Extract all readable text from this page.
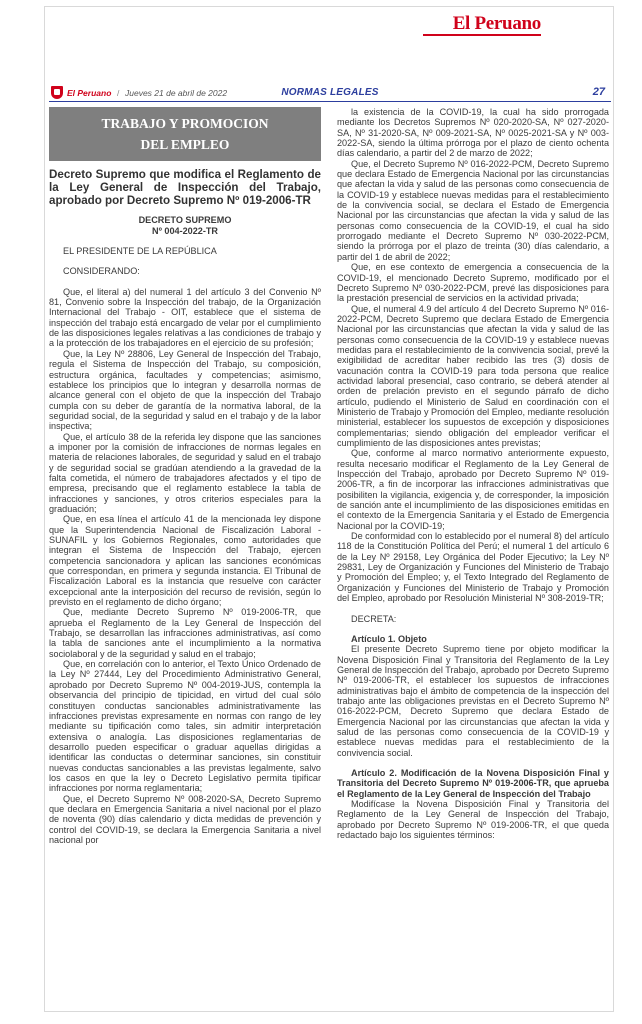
El Peruano
El Peruano / Jueves 21 de abril de 2022	NORMAS LEGALES	27
TRABAJO Y PROMOCION
DEL EMPLEO
Decreto Supremo que modifica el Reglamento de la Ley General de Inspección del Trabajo, aprobado por Decreto Supremo Nº 019-2006-TR

DECRETO SUPREMO

Nº 004-2022-TR

EL PRESIDENTE DE LA REPÚBLICA

CONSIDERANDO:

Que, el literal a) del numeral 1 del artículo 3 del Convenio Nº 81, Convenio sobre la Inspección del trabajo, de la Organización Internacional del Trabajo - OIT, establece que el sistema de inspección del trabajo está encargado de velar por el cumplimiento de las disposiciones legales relativas a las condiciones de trabajo y a la protección de los trabajadores en el ejercicio de su profesión;

Que, la Ley Nº 28806, Ley General de Inspección del Trabajo, regula el Sistema de Inspección del Trabajo, su composición, estructura orgánica, facultades y competencias; asimismo, establece los principios que lo integran y desarrolla normas de alcance general con el objeto de que la inspección del Trabajo cumpla con su deber de garantía de la normativa laboral, de la seguridad social, de la seguridad y salud en el trabajo y de la labor inspectiva;

Que, el artículo 38 de la referida ley dispone que las sanciones a imponer por la comisión de infracciones de normas legales en materia de relaciones laborales, de seguridad y salud en el trabajo y de seguridad social se gradúan atendiendo a la gravedad de la falta cometida, el número de trabajadores afectados y el tipo de empresa, precisando que el reglamento establece la tabla de infracciones y sanciones, y otros criterios especiales para la graduación;

Que, en esa línea el artículo 41 de la mencionada ley dispone que la Superintendencia Nacional de Fiscalización Laboral - SUNAFIL y los Gobiernos Regionales, como autoridades que integran el Sistema de Inspección del Trabajo, ejercen competencia sancionadora y aplican las sanciones económicas que correspondan, en primera y segunda instancia. El Tribunal de Fiscalización Laboral es la instancia que resuelve con carácter excepcional ante la interposición del recurso de revisión, según lo previsto en el reglamento de dicho órgano;

Que, mediante Decreto Supremo Nº 019-2006-TR, que aprueba el Reglamento de la Ley General de Inspección del Trabajo, se desarrollan las infracciones administrativas, así como la tabla de sanciones ante el incumplimiento a la normativa sociolaboral y de la seguridad y salud en el trabajo;

Que, en correlación con lo anterior, el Texto Único Ordenado de la Ley Nº 27444, Ley del Procedimiento Administrativo General, aprobado por Decreto Supremo Nº 004-2019-JUS, contempla la observancia del principio de tipicidad, en virtud del cual sólo constituyen conductas sancionables administrativamente las infracciones previstas expresamente en normas con rango de ley mediante su tipificación como tales, sin admitir interpretación extensiva o analogía. Las disposiciones reglamentarias de desarrollo pueden especificar o graduar aquellas dirigidas a identificar las conductas o determinar sanciones, sin constituir nuevas conductas sancionables a las previstas legalmente, salvo los casos en que la ley o Decreto Legislativo permita tipificar infracciones por norma reglamentaria;

Que, el Decreto Supremo Nº 008-2020-SA, Decreto Supremo que declara en Emergencia Sanitaria a nivel nacional por el plazo de noventa (90) días calendario y dicta medidas de prevención y control del COVID-19, se declara la Emergencia Sanitaria a nivel nacional por

la existencia de la COVID-19, la cual ha sido prorrogada mediante los Decretos Supremos Nº 020-2020-SA, Nº 027-2020-SA, Nº 31-2020-SA, Nº 009-2021-SA, Nº 0025-2021-SA y Nº 003-2022-SA, siendo la última prórroga por el plazo de ciento ochenta días calendario, a partir del 2 de marzo de 2022;

Que, el Decreto Supremo Nº 016-2022-PCM, Decreto Supremo que declara Estado de Emergencia Nacional por las circunstancias que afectan la vida y salud de las personas como consecuencia de la COVID-19 y establece nuevas medidas para el restablecimiento de la convivencia social, se declara el Estado de Emergencia Nacional por las circunstancias que afectan la vida y salud de las personas como consecuencia de la COVID-19, el cual ha sido prorrogado mediante el Decreto Supremo Nº 030-2022-PCM, siendo la prórroga por el plazo de treinta (30) días calendario, a partir del 1 de abril de 2022;

Que, en ese contexto de emergencia a consecuencia de la COVID-19, el mencionado Decreto Supremo, modificado por el Decreto Supremo Nº 030-2022-PCM, prevé las disposiciones para la prestación presencial de servicios en la actividad privada;

Que, el numeral 4.9 del artículo 4 del Decreto Supremo Nº 016-2022-PCM, Decreto Supremo que declara Estado de Emergencia Nacional por las circunstancias que afectan la vida y salud de las personas como consecuencia de la COVID-19 y establece nuevas medidas para el restablecimiento de la convivencia social, prevé la exigibilidad de acreditar haber recibido las tres (3) dosis de vacunación contra la COVID-19 para toda persona que realice actividad laboral presencial, caso contrario, se deberá atender al orden de prelación previsto en el segundo párrafo de dicho artículo, pudiendo el Ministerio de Salud en coordinación con el Ministerio de Trabajo y Promoción del Empleo, mediante resolución ministerial, establecer los supuestos de excepción y disposiciones complementarias; siendo obligación del empleador verificar el cumplimiento de las disposiciones antes previstas;

Que, conforme al marco normativo anteriormente expuesto, resulta necesario modificar el Reglamento de la Ley General de Inspección del Trabajo, aprobado por Decreto Supremo Nº 019-2006-TR, a fin de incorporar las infracciones administrativas que posibiliten la vigilancia, exigencia y, de corresponder, la imposición de sanción ante el incumplimiento de las disposiciones emitidas en el contexto de la Emergencia Sanitaria y el Estado de Emergencia Nacional por la COVID-19;

De conformidad con lo establecido por el numeral 8) del artículo 118 de la Constitución Política del Perú; el numeral 1 del artículo 6 de la Ley Nº 29158, Ley Orgánica del Poder Ejecutivo; la Ley Nº 29831, Ley de Organización y Funciones del Ministerio de Trabajo y Promoción del Empleo; y, el Texto Integrado del Reglamento de Organización y Funciones del Ministerio de Trabajo y Promoción del Empleo, aprobado por Resolución Ministerial Nº 308-2019-TR;

DECRETA:

Artículo 1. Objeto

El presente Decreto Supremo tiene por objeto modificar la Novena Disposición Final y Transitoria del Reglamento de la Ley General de Inspección del Trabajo, aprobado por Decreto Supremo Nº 019-2006-TR, el establecer los supuestos de infracciones administrativas bajo el ámbito de competencia de la inspección del trabajo ante las obligaciones previstas en el Decreto Supremo Nº 016-2022-PCM, Decreto Supremo que declara Estado de Emergencia Nacional por las circunstancias que afectan la vida y salud de las personas como consecuencia de la COVID-19 y establece nuevas medidas para el restablecimiento de la convivencia social.

Artículo 2. Modificación de la Novena Disposición Final y Transitoria del Decreto Supremo Nº 019-2006-TR, que aprueba el Reglamento de la Ley General de Inspección del Trabajo

Modifícase la Novena Disposición Final y Transitoria del Reglamento de la Ley General de Inspección del Trabajo, aprobado por Decreto Supremo Nº 019-2006-TR, el que queda redactado bajo los siguientes términos:
